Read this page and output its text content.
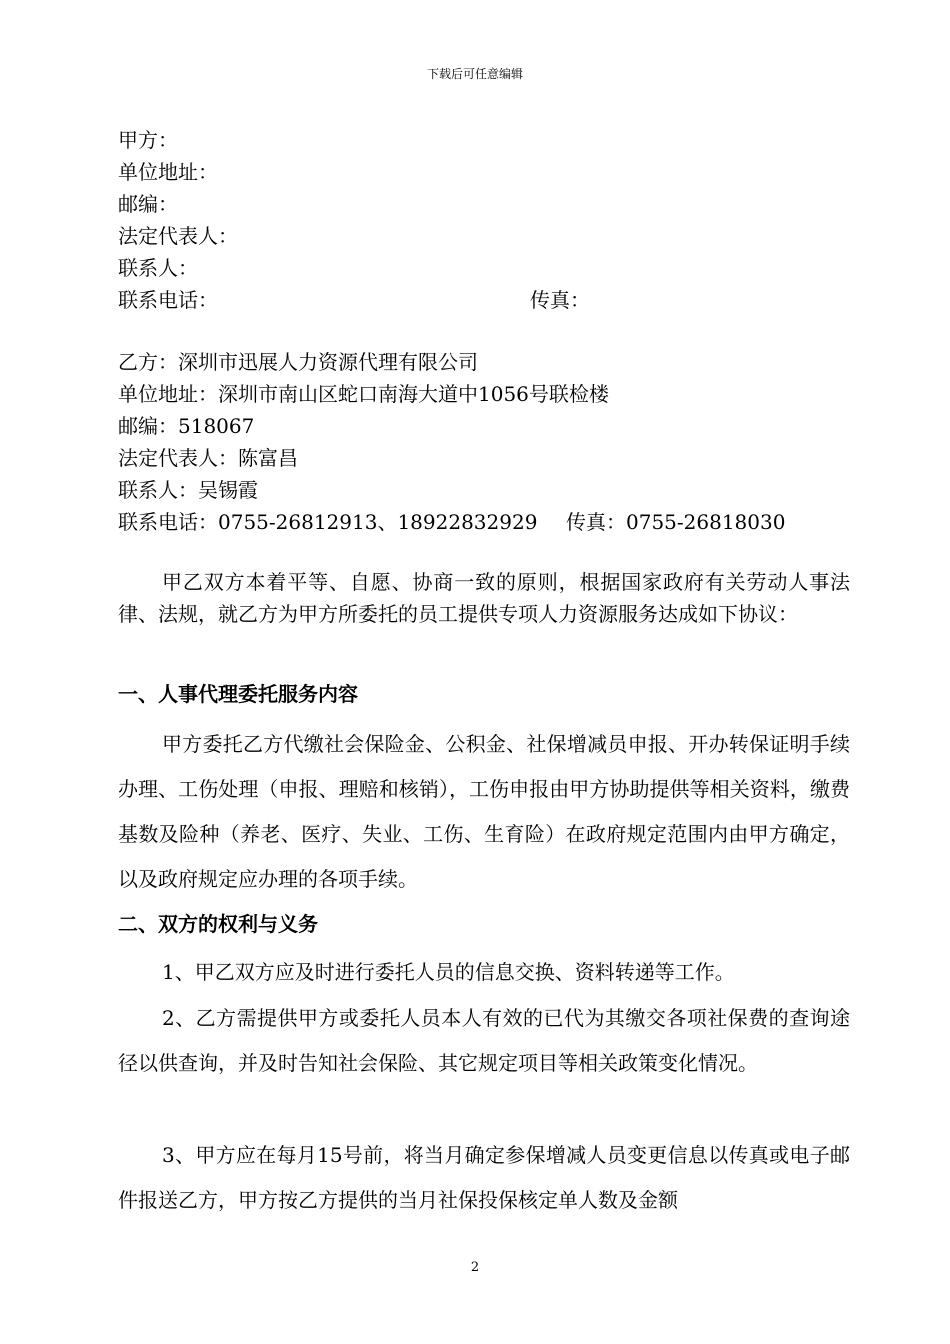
下载后可任意编辑
甲方：
单位地址：
邮编：
法定代表人：
联系人：
联系电话：	传真：
乙方：深圳市迅展人力资源代理有限公司
单位地址：深圳市南山区蛇口南海大道中1056号联检楼
邮编：518067
法定代表人：陈富昌
联系人：吴锡霞
联系电话：0755-26812913、18922832929 传真：0755-26818030
甲乙双方本着平等、自愿、协商一致的原则，根据国家政府有关劳动人事法律、法规，就乙方为甲方所委托的员工提供专项人力资源服务达成如下协议：
一、人事代理委托服务内容
甲方委托乙方代缴社会保险金、公积金、社保增减员申报、开办转保证明手续办理、工伤处理（申报、理赔和核销），工伤申报由甲方协助提供等相关资料，缴费基数及险种（养老、医疗、失业、工伤、生育险）在政府规定范围内由甲方确定，以及政府规定应办理的各项手续。
二、双方的权利与义务
1、甲乙双方应及时进行委托人员的信息交换、资料转递等工作。
2、乙方需提供甲方或委托人员本人有效的已代为其缴交各项社保费的查询途径以供查询，并及时告知社会保险、其它规定项目等相关政策变化情况。
3、甲方应在每月15号前，将当月确定参保增减人员变更信息以传真或电子邮件报送乙方，甲方按乙方提供的当月社保投保核定单人数及金额
2
